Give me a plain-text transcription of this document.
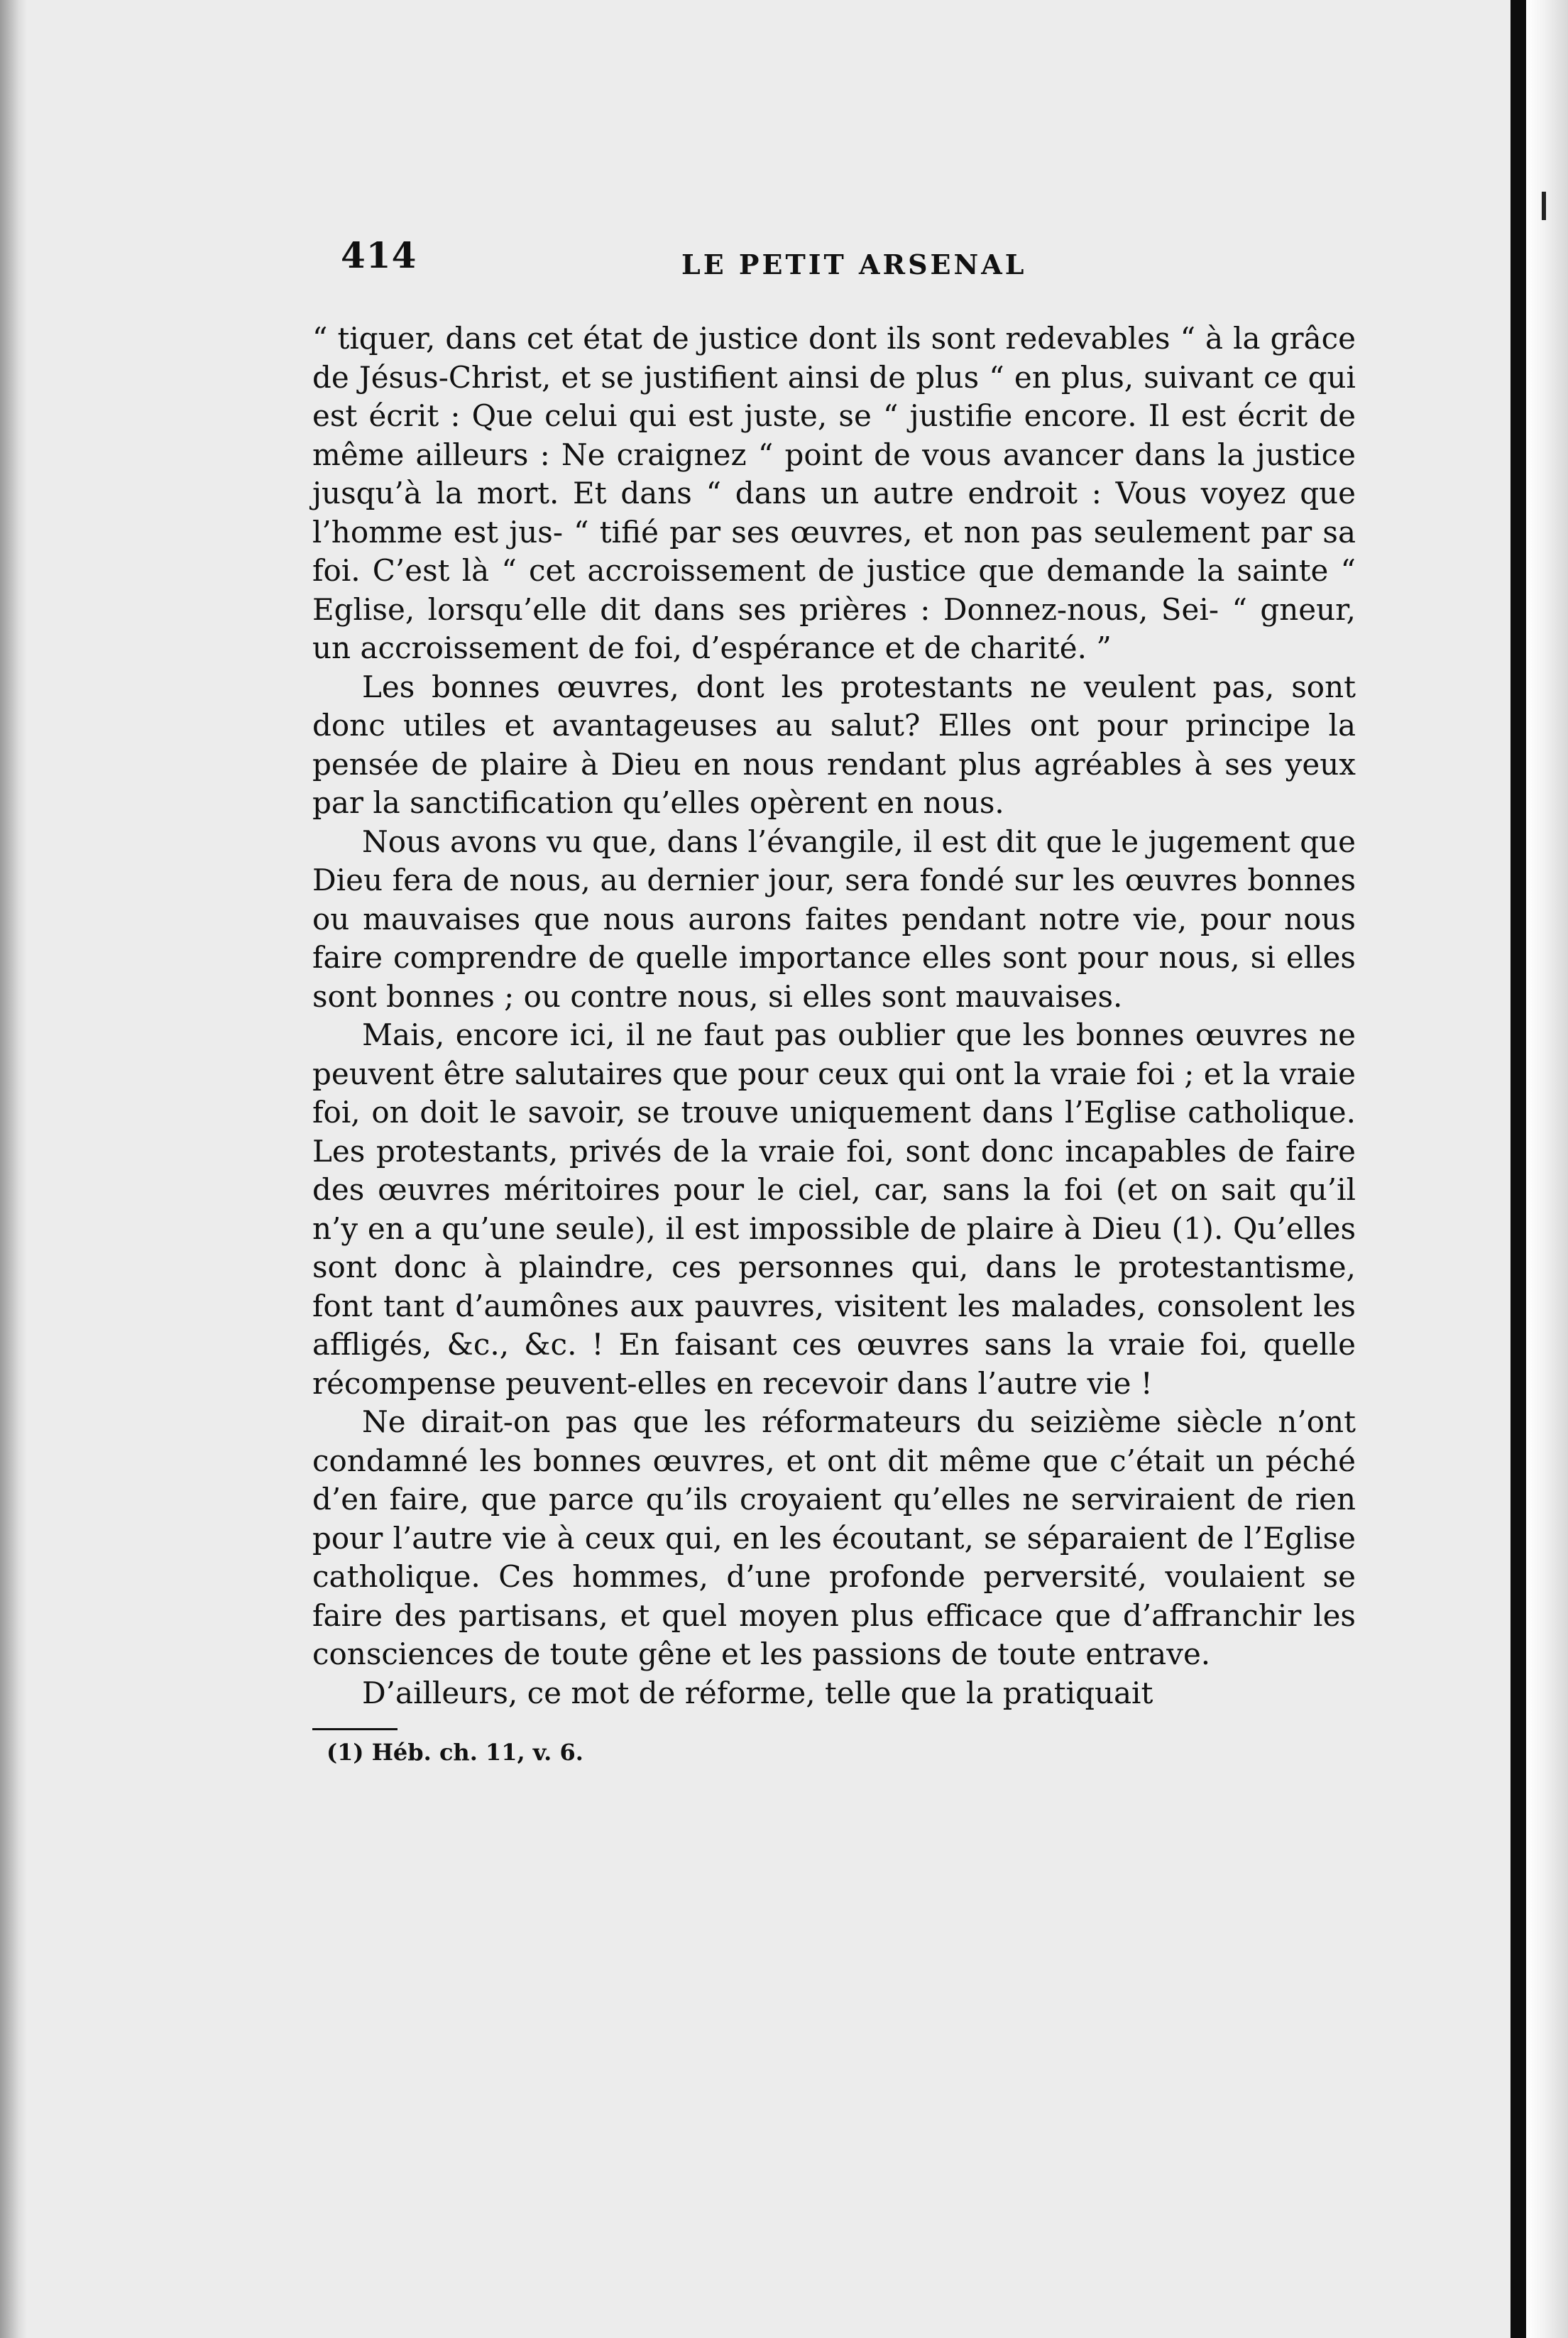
414	LE PETIT ARSENAL

“ tiquer, dans cet état de justice dont ils sont redevables “ à la grâce de Jésus-Christ, et se justifient ainsi de plus “ en plus, suivant ce qui est écrit : Que celui qui est juste, se “ justifie encore. Il est écrit de même ailleurs : Ne craignez “ point de vous avancer dans la justice jusqu’à la mort. Et dans “ dans un autre endroit : Vous voyez que l’homme est jus- “ tifié par ses œuvres, et non pas seulement par sa foi. C’est là “ cet accroissement de justice que demande la sainte “ Eglise, lorsqu’elle dit dans ses prières : Donnez-nous, Sei- “ gneur, un accroissement de foi, d’espérance et de charité. ”

Les bonnes œuvres, dont les protestants ne veulent pas, sont donc utiles et avantageuses au salut? Elles ont pour principe la pensée de plaire à Dieu en nous rendant plus agréables à ses yeux par la sanctification qu’elles opèrent en nous.

Nous avons vu que, dans l’évangile, il est dit que le jugement que Dieu fera de nous, au dernier jour, sera fondé sur les œuvres bonnes ou mauvaises que nous aurons faites pendant notre vie, pour nous faire comprendre de quelle importance elles sont pour nous, si elles sont bonnes ; ou contre nous, si elles sont mauvaises.

Mais, encore ici, il ne faut pas oublier que les bonnes œuvres ne peuvent être salutaires que pour ceux qui ont la vraie foi ; et la vraie foi, on doit le savoir, se trouve uniquement dans l’Eglise catholique. Les protestants, privés de la vraie foi, sont donc incapables de faire des œuvres méritoires pour le ciel, car, sans la foi (et on sait qu’il n’y en a qu’une seule), il est impossible de plaire à Dieu (1). Qu’elles sont donc à plaindre, ces personnes qui, dans le protestantisme, font tant d’aumônes aux pauvres, visitent les malades, consolent les affligés, &c., &c. ! En faisant ces œuvres sans la vraie foi, quelle récompense peuvent-elles en recevoir dans l’autre vie !

Ne dirait-on pas que les réformateurs du seizième siècle n’ont condamné les bonnes œuvres, et ont dit même que c’était un péché d’en faire, que parce qu’ils croyaient qu’elles ne serviraient de rien pour l’autre vie à ceux qui, en les écoutant, se séparaient de l’Eglise catholique. Ces hommes, d’une profonde perversité, voulaient se faire des partisans, et quel moyen plus efficace que d’affranchir les consciences de toute gêne et les passions de toute entrave.

D’ailleurs, ce mot de réforme, telle que la pratiquait

(1) Héb. ch. 11, v. 6.
